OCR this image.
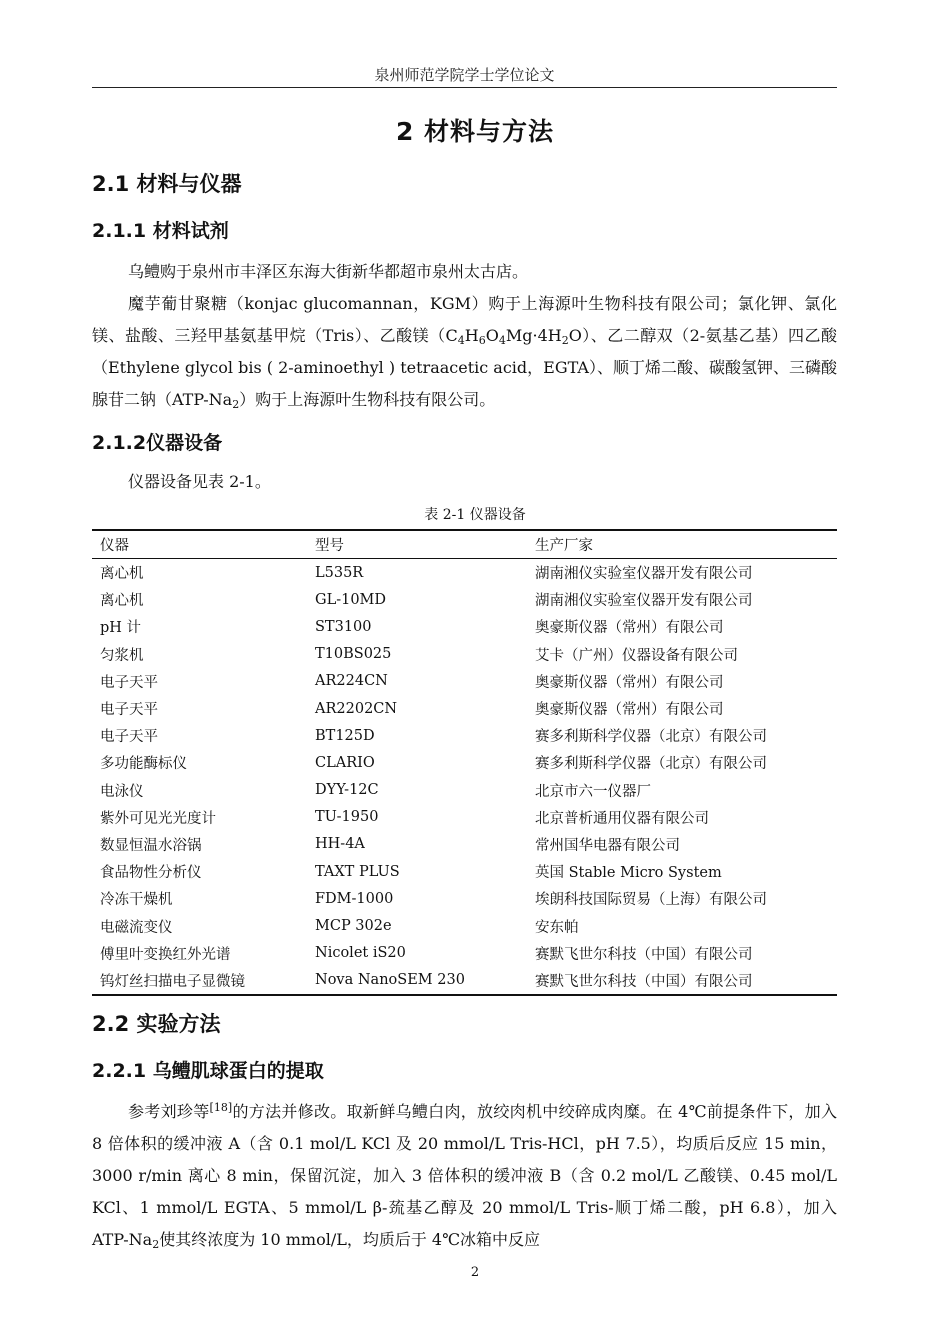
泉州师范学院学士学位论文
2 材料与方法
2.1 材料与仪器
2.1.1 材料试剂

乌鳢购于泉州市丰泽区东海大街新华都超市泉州太古店。

魔芋葡甘聚糖（konjac glucomannan，KGM）购于上海源叶生物科技有限公司；氯化钾、氯化镁、盐酸、三羟甲基氨基甲烷（Tris）、乙酸镁$(C_4H_6O_4Mg\cdot 4H_2O)$、乙二醇双（2-氨基乙基）四乙酸（Ethylene glycol bis ( 2-aminoethyl ) tetraacetic acid，EGTA）、顺丁烯二酸、碳酸氢钾、三磷酸腺苷二钠$(ATP-Na_2)$购于上海源叶生物科技有限公司。

2.1.2仪器设备

仪器设备见表 2-1。

表 2-1 仪器设备
仪器	型号	生产厂家
离心机	L535R	湖南湘仪实验室仪器开发有限公司
离心机	GL-10MD	湖南湘仪实验室仪器开发有限公司
pH 计	ST3100	奥豪斯仪器（常州）有限公司
匀浆机	T10BS025	艾卡（广州）仪器设备有限公司
电子天平	AR224CN	奥豪斯仪器（常州）有限公司
电子天平	AR2202CN	奥豪斯仪器（常州）有限公司
电子天平	BT125D	赛多利斯科学仪器（北京）有限公司
多功能酶标仪	CLARIO	赛多利斯科学仪器（北京）有限公司
电泳仪	DYY-12C	北京市六一仪器厂
紫外可见光光度计	TU-1950	北京普析通用仪器有限公司
数显恒温水浴锅	HH-4A	常州国华电器有限公司
食品物性分析仪	TAXT PLUS	英国 Stable Micro System
冷冻干燥机	FDM-1000	埃朗科技国际贸易（上海）有限公司
电磁流变仪	MCP 302e	安东帕
傅里叶变换红外光谱	Nicolet iS20	赛默飞世尔科技（中国）有限公司
钨灯丝扫描电子显微镜	Nova NanoSEM 230	赛默飞世尔科技（中国）有限公司
2.2 实验方法
2.2.1 乌鳢肌球蛋白的提取

参考刘珍等[18]的方法并修改。取新鲜乌鳢白肉，放绞肉机中绞碎成肉糜。在 4℃前提条件下，加入 8 倍体积的缓冲液 A（含 0.1 mol/L KCl 及 20 mmol/L Tris-HCl，pH 7.5），均质后反应 15 min，3000 r/min 离心 8 min，保留沉淀，加入 3 倍体积的缓冲液 B（含 0.2 mol/L 乙酸镁、0.45 mol/L KCl、1 mmol/L EGTA、5 mmol/L β-巯基乙醇及 20 mmol/L Tris-顺丁烯二酸，pH 6.8），加入 ATP-$Na_2$使其终浓度为 10 mmol/L，均质后于 4℃冰箱中反应

2
